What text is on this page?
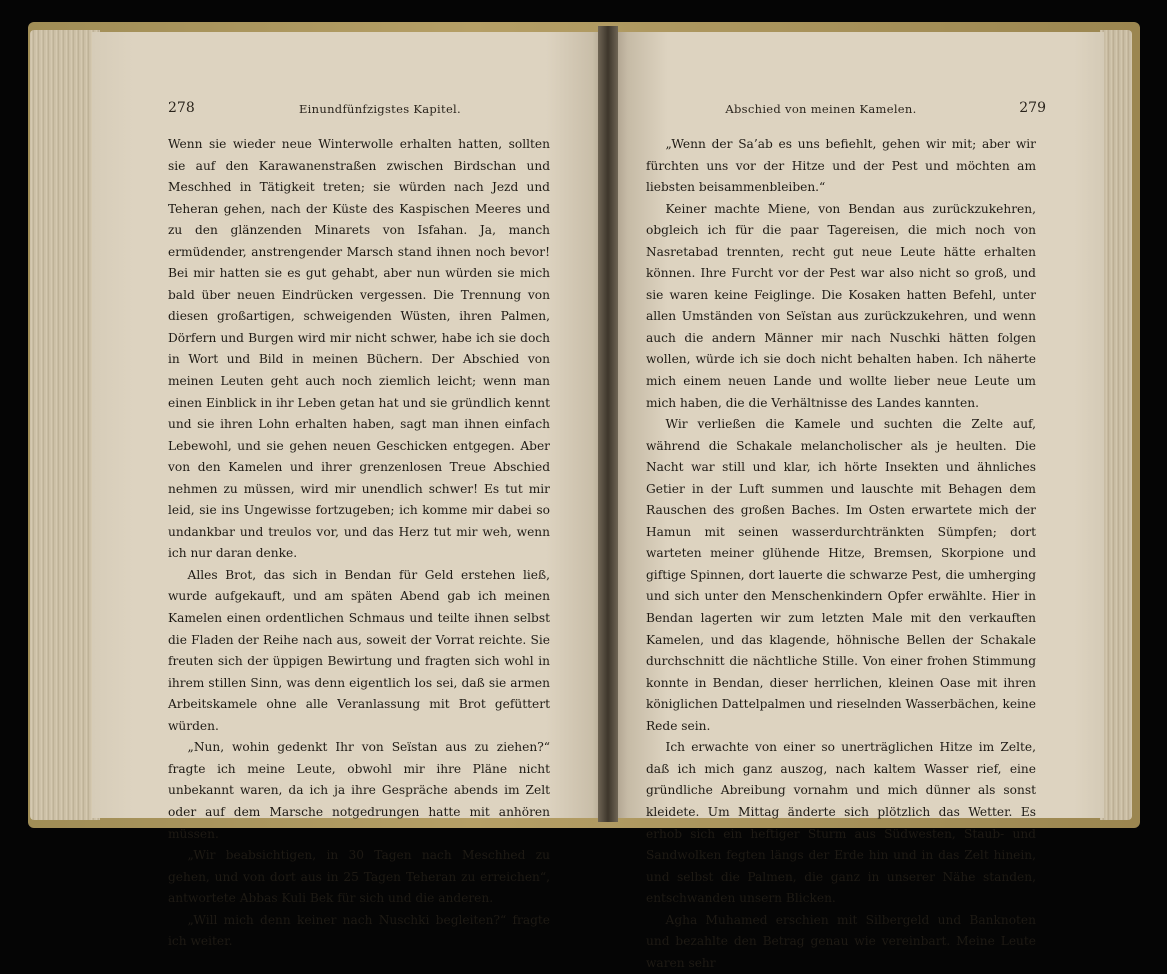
278	Einundfünfzigstes Kapitel.

Wenn sie wieder neue Winterwolle erhalten hatten, sollten sie auf den Karawanenstraßen zwischen Birdschan und Meschhed in Tätigkeit treten; sie würden nach Jezd und Teheran gehen, nach der Küste des Kaspischen Meeres und zu den glänzenden Minarets von Isfahan. Ja, manch ermüdender, anstrengender Marsch stand ihnen noch bevor! Bei mir hatten sie es gut gehabt, aber nun würden sie mich bald über neuen Eindrücken vergessen. Die Trennung von diesen großartigen, schweigenden Wüsten, ihren Palmen, Dörfern und Burgen wird mir nicht schwer, habe ich sie doch in Wort und Bild in meinen Büchern. Der Abschied von meinen Leuten geht auch noch ziemlich leicht; wenn man einen Einblick in ihr Leben getan hat und sie gründlich kennt und sie ihren Lohn erhalten haben, sagt man ihnen einfach Lebewohl, und sie gehen neuen Geschicken entgegen. Aber von den Kamelen und ihrer grenzenlosen Treue Abschied nehmen zu müssen, wird mir unendlich schwer! Es tut mir leid, sie ins Ungewisse fortzugeben; ich komme mir dabei so undankbar und treulos vor, und das Herz tut mir weh, wenn ich nur daran denke.

Alles Brot, das sich in Bendan für Geld erstehen ließ, wurde aufgekauft, und am späten Abend gab ich meinen Kamelen einen ordentlichen Schmaus und teilte ihnen selbst die Fladen der Reihe nach aus, soweit der Vorrat reichte. Sie freuten sich der üppigen Bewirtung und fragten sich wohl in ihrem stillen Sinn, was denn eigentlich los sei, daß sie armen Arbeitskamele ohne alle Veranlassung mit Brot gefüttert würden.

„Nun, wohin gedenkt Ihr von Seïstan aus zu ziehen?“ fragte ich meine Leute, obwohl mir ihre Pläne nicht unbekannt waren, da ich ja ihre Gespräche abends im Zelt oder auf dem Marsche notgedrungen hatte mit anhören müssen.

„Wir beabsichtigen, in 30 Tagen nach Meschhed zu gehen, und von dort aus in 25 Tagen Teheran zu erreichen“, antwortete Abbas Kuli Bek für sich und die anderen.

„Will mich denn keiner nach Nuschki begleiten?“ fragte ich weiter.

Abschied von meinen Kamelen.	279

„Wenn der Sa’ab es uns befiehlt, gehen wir mit; aber wir fürchten uns vor der Hitze und der Pest und möchten am liebsten beisammenbleiben.“

Keiner machte Miene, von Bendan aus zurückzukehren, obgleich ich für die paar Tagereisen, die mich noch von Nasretabad trennten, recht gut neue Leute hätte erhalten können. Ihre Furcht vor der Pest war also nicht so groß, und sie waren keine Feiglinge. Die Kosaken hatten Befehl, unter allen Umständen von Seïstan aus zurückzukehren, und wenn auch die andern Männer mir nach Nuschki hätten folgen wollen, würde ich sie doch nicht behalten haben. Ich näherte mich einem neuen Lande und wollte lieber neue Leute um mich haben, die die Verhältnisse des Landes kannten.

Wir verließen die Kamele und suchten die Zelte auf, während die Schakale melancholischer als je heulten. Die Nacht war still und klar, ich hörte Insekten und ähnliches Getier in der Luft summen und lauschte mit Behagen dem Rauschen des großen Baches. Im Osten erwartete mich der Hamun mit seinen wasserdurchtränkten Sümpfen; dort warteten meiner glühende Hitze, Bremsen, Skorpione und giftige Spinnen, dort lauerte die schwarze Pest, die umherging und sich unter den Menschenkindern Opfer erwählte. Hier in Bendan lagerten wir zum letzten Male mit den verkauften Kamelen, und das klagende, höhnische Bellen der Schakale durchschnitt die nächtliche Stille. Von einer frohen Stimmung konnte in Bendan, dieser herrlichen, kleinen Oase mit ihren königlichen Dattelpalmen und rieselnden Wasserbächen, keine Rede sein.

Ich erwachte von einer so unerträglichen Hitze im Zelte, daß ich mich ganz auszog, nach kaltem Wasser rief, eine gründliche Abreibung vornahm und mich dünner als sonst kleidete. Um Mittag änderte sich plötzlich das Wetter. Es erhob sich ein heftiger Sturm aus Südwesten, Staub- und Sandwolken fegten längs der Erde hin und in das Zelt hinein, und selbst die Palmen, die ganz in unserer Nähe standen, entschwanden unsern Blicken.

Agha Muhamed erschien mit Silbergeld und Banknoten und bezahlte den Betrag genau wie vereinbart. Meine Leute waren sehr
